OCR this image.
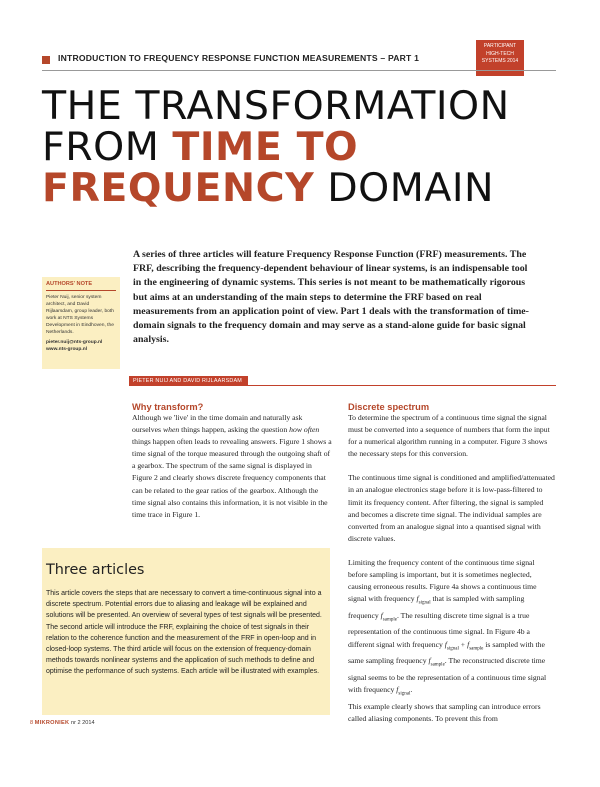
INTRODUCTION TO FREQUENCY RESPONSE FUNCTION MEASUREMENTS – PART 1
PARTICIPANT
HIGH-TECH
SYSTEMS 2014
THE TRANSFORMATION
FROM TIME TO
FREQUENCY DOMAIN
AUTHORS' NOTE
Pieter Nuij, senior system architect, and David Rijlaarsdam, group leader, both work at NTS Systems Development in Eindhoven, the Netherlands.
pieter.nuij@nts-group.nl
www.nts-group.nl

A series of three articles will feature Frequency Response Function (FRF) measurements. The FRF, describing the frequency-dependent behaviour of linear systems, is an indispensable tool in the engineering of dynamic systems. This series is not meant to be mathematically rigorous but aims at an understanding of the main steps to determine the FRF based on real measurements from an application point of view. Part 1 deals with the transformation of time-domain signals to the frequency domain and may serve as a stand-alone guide for basic signal analysis.

PIETER NUIJ AND DAVID RIJLAARSDAM
Why transform?

Although we 'live' in the time domain and naturally ask ourselves when things happen, asking the question how often things happen often leads to revealing answers. Figure 1 shows a time signal of the torque measured through the outgoing shaft of a gearbox. The spectrum of the same signal is displayed in Figure 2 and clearly shows discrete frequency components that can be related to the gear ratios of the gearbox. Although the time signal also contains this information, it is not visible in the time trace in Figure 1.

Three articles

This article covers the steps that are necessary to convert a time-continuous signal into a discrete spectrum. Potential errors due to aliasing and leakage will be explained and solutions will be presented. An overview of several types of test signals will be presented. The second article will introduce the FRF, explaining the choice of test signals in their relation to the coherence function and the measurement of the FRF in open-loop and in closed-loop systems. The third article will focus on the extension of frequency-domain methods towards nonlinear systems and the application of such methods to define and optimise the performance of such systems. Each article will be illustrated with examples.

Discrete spectrum

To determine the spectrum of a continuous time signal the signal must be converted into a sequence of numbers that form the input for a numerical algorithm running in a computer. Figure 3 shows the necessary steps for this conversion.

The continuous time signal is conditioned and amplified/attenuated in an analogue electronics stage before it is low-pass-filtered to limit its frequency content. After filtering, the signal is sampled and becomes a discrete time signal. The individual samples are converted from an analogue signal into a quantised signal with discrete values.

Limiting the frequency content of the continuous time signal before sampling is important, but it is sometimes neglected, causing erroneous results. Figure 4a shows a continuous time signal with frequency $f_{signal}$ that is sampled with sampling frequency $f_{sample}$. The resulting discrete time signal is a true representation of the continuous time signal. In Figure 4b a different signal with frequency $f_{signal} + f_{sample}$ is sampled with the same sampling frequency $f_{sample}$. The reconstructed discrete time signal seems to be the representation of a continuous time signal with frequency $f_{signal}$.

This example clearly shows that sampling can introduce errors called aliasing components. To prevent this from

8 MIKRONIEK nr 2 2014
